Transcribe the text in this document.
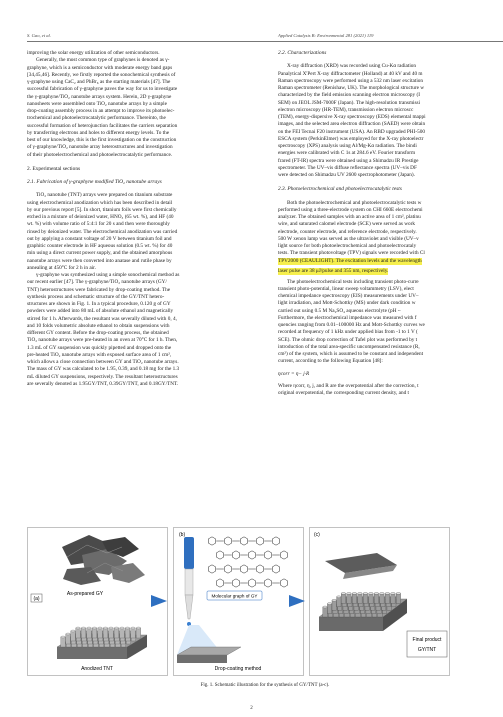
S. Gao, et al.	Applied Catalysis B: Environmental 281 (2021) 119
improving the solar energy utilization of other semiconductors.
Generally, the most common type of graphynes is denoted as γ-
graphyne, which is a semiconductor with moderate energy band gaps
[34,45,46]. Recently, we firstly reported the sonochemical synthesis of
γ-graphyne using CaC₂ and PhBr₆ as the starting materials [47]. The
successful fabrication of γ-graphyne paves the way for us to investigate
the γ-graphyne/TiO₂ nanotube arrays system. Herein, 2D γ-graphyne
nanosheets were assembled onto TiO₂ nanotube arrays by a simple
drop-coating assembly process in an attempt to improve its photoelec-
trochemical and photoelectrocatalytic performance. Thereinto, the
successful formation of heterojunction facilitates the carriers separation
by transferring electrons and holes to different energy levels. To the
best of our knowledge, this is the first investigation on the construction
of γ-graphyne/TiO₂ nanotube array heterostructures and investigation
of their photoelectrochemical and photoelectrocatalytic performance.
2. Experimental sections
2.1. Fabrication of γ-graphyne modified TiO₂ nanotube arrays
TiO₂ nanotube (TNT) arrays were prepared on titanium substrate
using electrochemical anodization which has been described in detail
by our previous report [5]. In short, titanium foils were first chemically
etched in a mixture of deionized water, HNO₃ (65 wt. %), and HF (40
wt. %) with volume ratio of 5:4:1 for 20 s and then were thoroughly
rinsed by deionized water. The electrochemical anodization was carried
out by applying a constant voltage of 20 V between titanium foil and
graphitic counter electrode in HF aqueous solution (0.5 wt. %) for 40
min using a direct current power supply, and the obtained amorphous
nanotube arrays were then converted into anatase and rutile phase by
annealing at 450°C for 2 h in air.
γ-graphyne was synthesized using a simple sonochemical method as
our recent earlier [47]. The γ-graphyne/TiO₂ nanotube arrays (GY/
TNT) heterostructures were fabricated by drop-coating method. The
synthesis process and schematic structure of the GY/TNT hetero-
structures are shown in Fig. 1. In a typical procedure, 0.120 g of GY
powders were added into 80 mL of absolute ethanol and magnetically
stirred for 1 h. Afterwards, the resultant was severally diluted with 0, 4,
and 10 folds volumetric absolute ethanol to obtain suspensions with
different GY content. Before the drop-coating process, the obtained
TiO₂ nanotube arrays were pre-heated in an oven at 70°C for 1 h. Then,
1.3 mL of GY suspension was quickly pipetted and dropped onto the
pre-heated TiO₂ nanotube arrays with exposed surface area of 1 cm²,
which allows a close connection between GY and TiO₂ nanotube arrays.
The mass of GY was calculated to be 1.95, 0.39, and 0.18 mg for the 1.3
mL diluted GY suspensions, respectively. The resultant heterostructures
are severally denoted as 1.95GY/TNT, 0.39GY/TNT, and 0.18GY/TNT.
2.2. Characterizations
X-ray diffraction (XRD) was recorded using Cu-Kα radiation
Panalytical X'Pert X-ray diffractometer (Holland) at 40 kV and 40 m
Raman spectroscopy were performed using a 532 nm laser excitation
Raman spectrometer (Renishaw, UK). The morphological structure w
characterized by the field emission scanning electron microscopy (I
SEM) on JEOL JSM-7000F (Japan). The high-resolution transmissi
electron microscopy (HR-TEM), transmission electron microscc
(TEM), energy-dispersive X-ray spectroscopy (EDS) elemental mappi
images, and the selected area electron diffraction (SAED) were obtain
on the FEI Tecnai F20 instrument (USA). An RBD upgraded PHI-500
ESCA system (PerkinElmer) was employed for the X-ray photoelectr
spectroscopy (XPS) analysis using Al/Mg-Kα radiation. The bindi
energies were calibrated with C 1s at 284.6 eV. Fourier transform
frared (FT-IR) spectra were obtained using a Shimadzu IR Prestige
spectrometer. The UV–vis diffuse reflectance spectra (UV–vis DF
were detected on Shimadzu UV 2600 spectrophotometer (Japan).
2.3. Photoelectrochemical and photoelectrocatalytic tests
Both the photoelectrochemical and photoelectrocatalytic tests w
performed using a three-electrode system on CHI 660E electrochemi
analyzer. The obtained samples with an active area of 1 cm², platinu
wire, and saturated calomel electrode (SCE) were served as work
electrode, counter electrode, and reference electrode, respectively.
500 W xenon lamp was served as the ultraviolet and visible (UV–v
light source for both photoelectrochemical and photoelectrocataly
tests. The transient photovoltage (TPV) signals were recorded with Cl
TPV2000 (CEAULIGHT). The excitation levels and the wavelength
laser pulse are 38 μJ/pulse and 355 nm, respectively.

The photoelectrochemical tests including transient photo-curre
transient photo-potential, linear sweep voltammetry (LSV), elect
chemical impedance spectroscopy (EIS) measurements under UV–
light irradiation, and Mott-Schottky (MS) under dark condition w
carried out using 0.5 M Na₂SO₄ aqueous electrolyte (pH ~
Furthermore, the electrochemical impedance was measured with f
quencies ranging from 0.01–100000 Hz and Mott-Schottky curves we
recorded at frequency of 1 kHz under applied bias from -1 to 1 V (
SCE). The ohmic drop correction of Tafel plot was performed by t
introduction of the total area-specific uncompensated resistance (R,
cm²) of the system, which is assumed to be constant and independent
current, according to the following Equation [48]:
ηcorr = η− j·R
Where ηcorr, η, j, and R are the overpotential after the correction, t
original overpotential, the corresponding current density, and t
(a)
As-prepared GY
Anodized TNT
(b)
Molecular graph of GY
Drop-coating method
(c)
Final product
GY/TNT
Fig. 1. Schematic illustration for the synthesis of GY/TNT (a-c).
2
